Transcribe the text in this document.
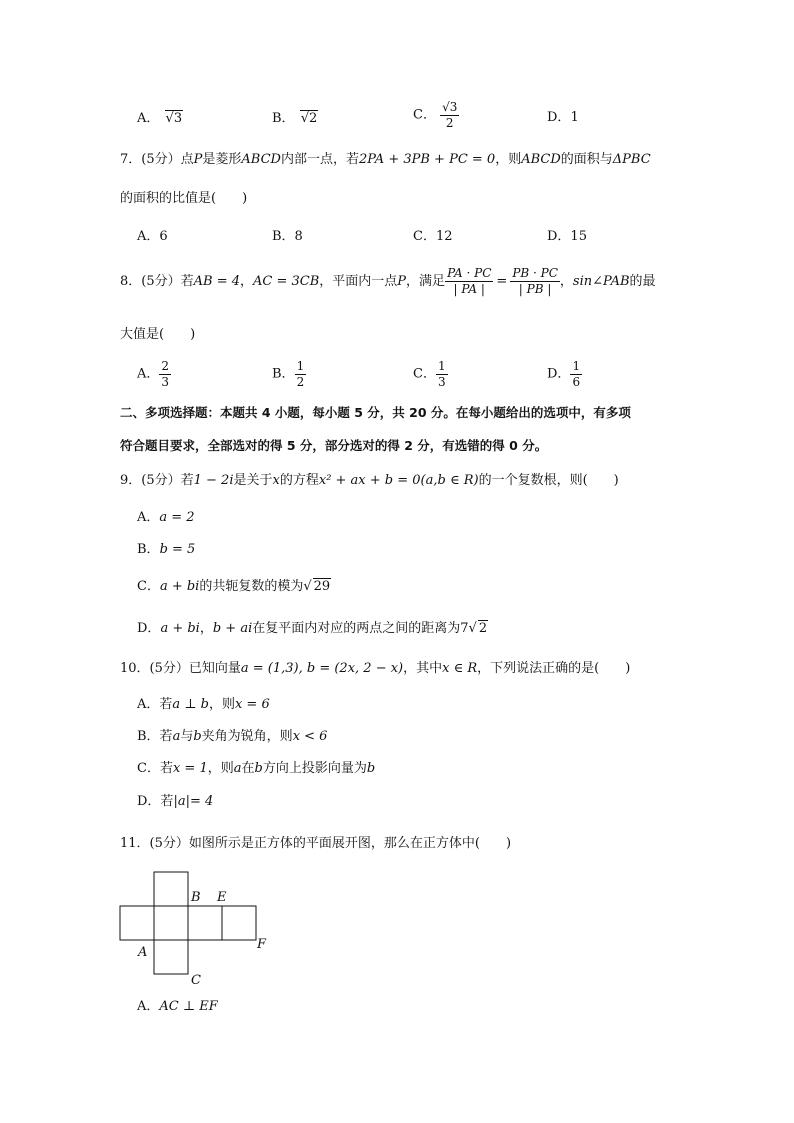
A． √3	B． √2	C． $\frac{√3}{2}$	D．1
7．(5分）点P是菱形ABCD内部一点，若2PA + 3PB + PC = 0，则ABCD的面积与ΔPBC
的面积的比值是(　　)
A．6	B．8	C．12	D．15
8．(5分）若AB = 4，AC = 3CB，平面内一点P，满足 $\frac{PA \cdot PC}{| PA |} = \frac{PB \cdot PC}{| PB |}$ ，sin∠PAB的最
大值是(　　)
A． $\frac{2}{3}$	B． $\frac{1}{2}$	C． $\frac{1}{3}$	D． $\frac{1}{6}$
二、多项选择题：本题共 4 小题，每小题 5 分，共 20 分。在每小题给出的选项中，有多项
符合题目要求，全部选对的得 5 分，部分选对的得 2 分，有选错的得 0 分。
9．(5分）若1 − 2i是关于x的方程x² + ax + b = 0(a,b ∈ R)的一个复数根，则(　　)
A．a = 2
B．b = 5
C．a + bi的共轭复数的模为√ 29
D．a + bi，b + ai在复平面内对应的两点之间的距离为7√ 2
10．(5分）已知向量a = (1,3), b = (2x, 2 − x)，其中x ∈ R，下列说法正确的是(　　)
A．若a ⊥ b，则x = 6
B．若a与b夹角为锐角，则x < 6
C．若x = 1，则a在b方向上投影向量为b
D．若|a|= 4
11．(5分）如图所示是正方体的平面展开图，那么在正方体中(　　)
B E
A
F
C
A．AC ⊥ EF
